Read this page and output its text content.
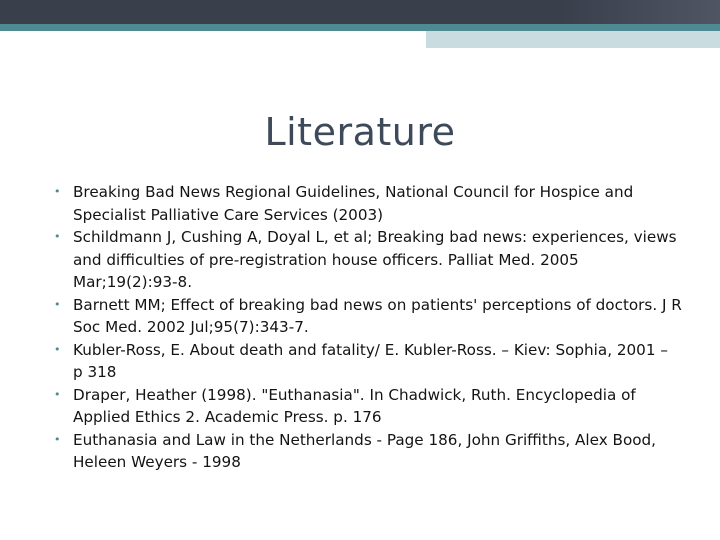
Literature
• Breaking Bad News Regional Guidelines, National Council for Hospice and Specialist Palliative Care Services (2003)
• Schildmann J, Cushing A, Doyal L, et al; Breaking bad news: experiences, views and difficulties of pre-registration house officers. Palliat Med. 2005 Mar;19(2):93-8.
• Barnett MM; Effect of breaking bad news on patients' perceptions of doctors. J R Soc Med. 2002 Jul;95(7):343-7.
• Kubler-Ross, E. About death and fatality/ E. Kubler-Ross. – Kiev: Sophia, 2001 – p 318
• Draper, Heather (1998). "Euthanasia". In Chadwick, Ruth. Encyclopedia of Applied Ethics 2. Academic Press. p. 176
• Euthanasia and Law in the Netherlands - Page 186, John Griffiths, Alex Bood, Heleen Weyers - 1998
